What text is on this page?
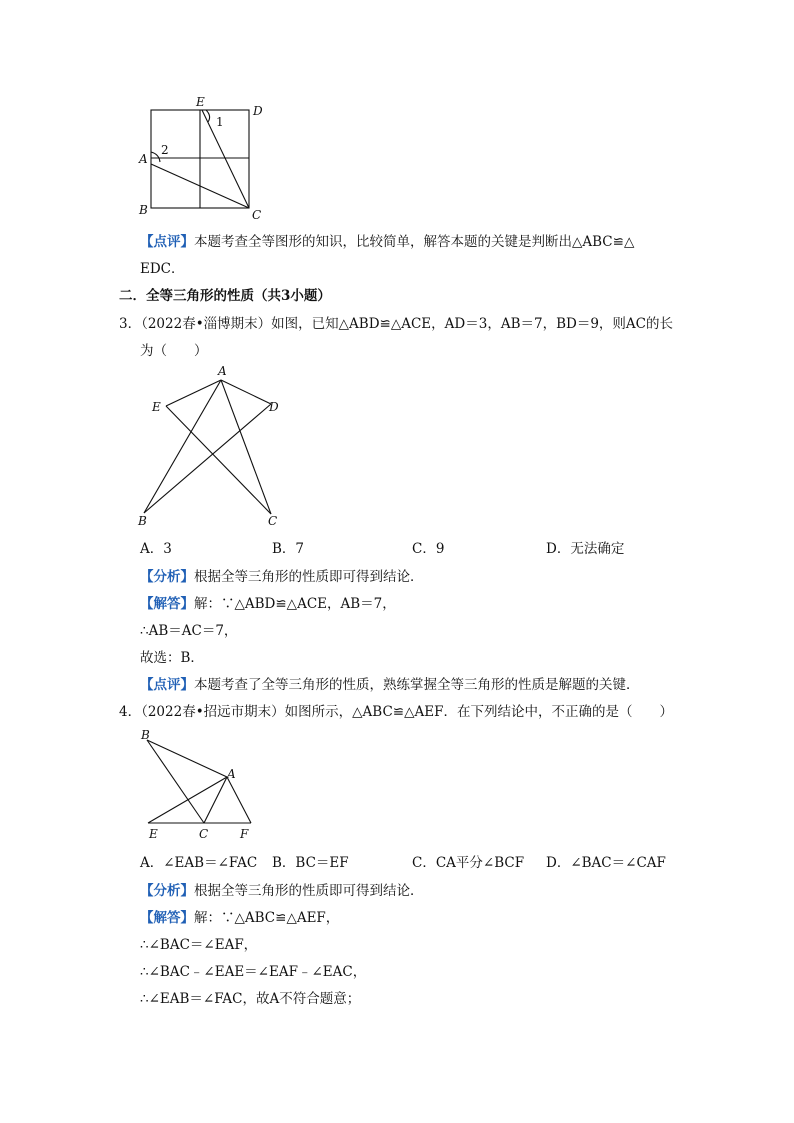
E
D
A
B	C
1
2
【点评】本题考查全等图形的知识，比较简单，解答本题的关键是判断出△ABC≌△
EDC．
二．全等三角形的性质（共3小题）
3．（2022春•淄博期末）如图，已知△ABD≌△ACE，AD＝3，AB＝7，BD＝9，则AC的长
为（　　）
A
E	D
B	C
A．3	B．7	C．9	D．无法确定
【分析】根据全等三角形的性质即可得到结论．
【解答】解：∵△ABD≌△ACE，AB＝7，
∴AB＝AC＝7，
故选：B．
【点评】本题考查了全等三角形的性质，熟练掌握全等三角形的性质是解题的关键．
4．（2022春•招远市期末）如图所示，△ABC≌△AEF．在下列结论中，不正确的是（　　）
B
A
E	C	F
A．∠EAB＝∠FAC B．BC＝EF	C．CA平分∠BCF D．∠BAC＝∠CAF
【分析】根据全等三角形的性质即可得到结论．
【解答】解：∵△ABC≌△AEF，
∴∠BAC＝∠EAF，
∴∠BAC﹣∠EAE＝∠EAF﹣∠EAC，
∴∠EAB＝∠FAC，故A不符合题意；
